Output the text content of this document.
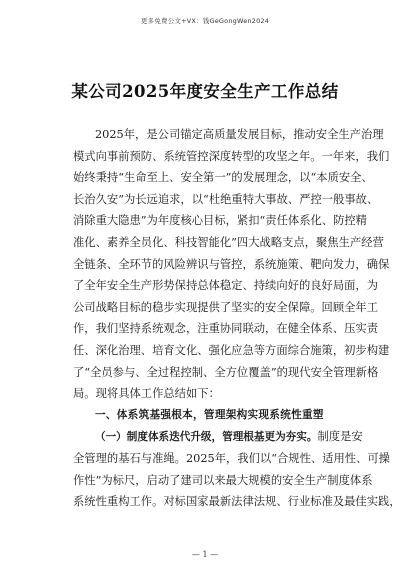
更多免费公文+VX：钱GeGongWen2024
某公司2025年度安全生产工作总结
2025年，是公司锚定高质量发展目标，推动安全生产治理
模式向事前预防、系统管控深度转型的攻坚之年。一年来，我们
始终秉持“生命至上、安全第一”的发展理念，以“本质安全、
长治久安”为长远追求，以“杜绝重特大事故、严控一般事故、
消除重大隐患”为年度核心目标，紧扣“责任体系化、防控精
准化、素养全员化、科技智能化”四大战略支点，聚焦生产经营
全链条、全环节的风险辨识与管控，系统施策、靶向发力，确保
了全年安全生产形势保持总体稳定、持续向好的良好局面，为
公司战略目标的稳步实现提供了坚实的安全保障。回顾全年工
作，我们坚持系统观念，注重协同联动，在健全体系、压实责
任、深化治理、培育文化、强化应急等方面综合施策，初步构建
了“全员参与、全过程控制、全方位覆盖”的现代安全管理新格
局。现将具体工作总结如下：
一、体系筑基强根本，管理架构实现系统性重塑
（一）制度体系迭代升级，管理根基更为夯实。制度是安
全管理的基石与准绳。2025年，我们以“合规性、适用性、可操
作性”为标尺，启动了建司以来最大规模的安全生产制度体系
系统性重构工作。对标国家最新法律法规、行业标准及最佳实践，
— 1 —
